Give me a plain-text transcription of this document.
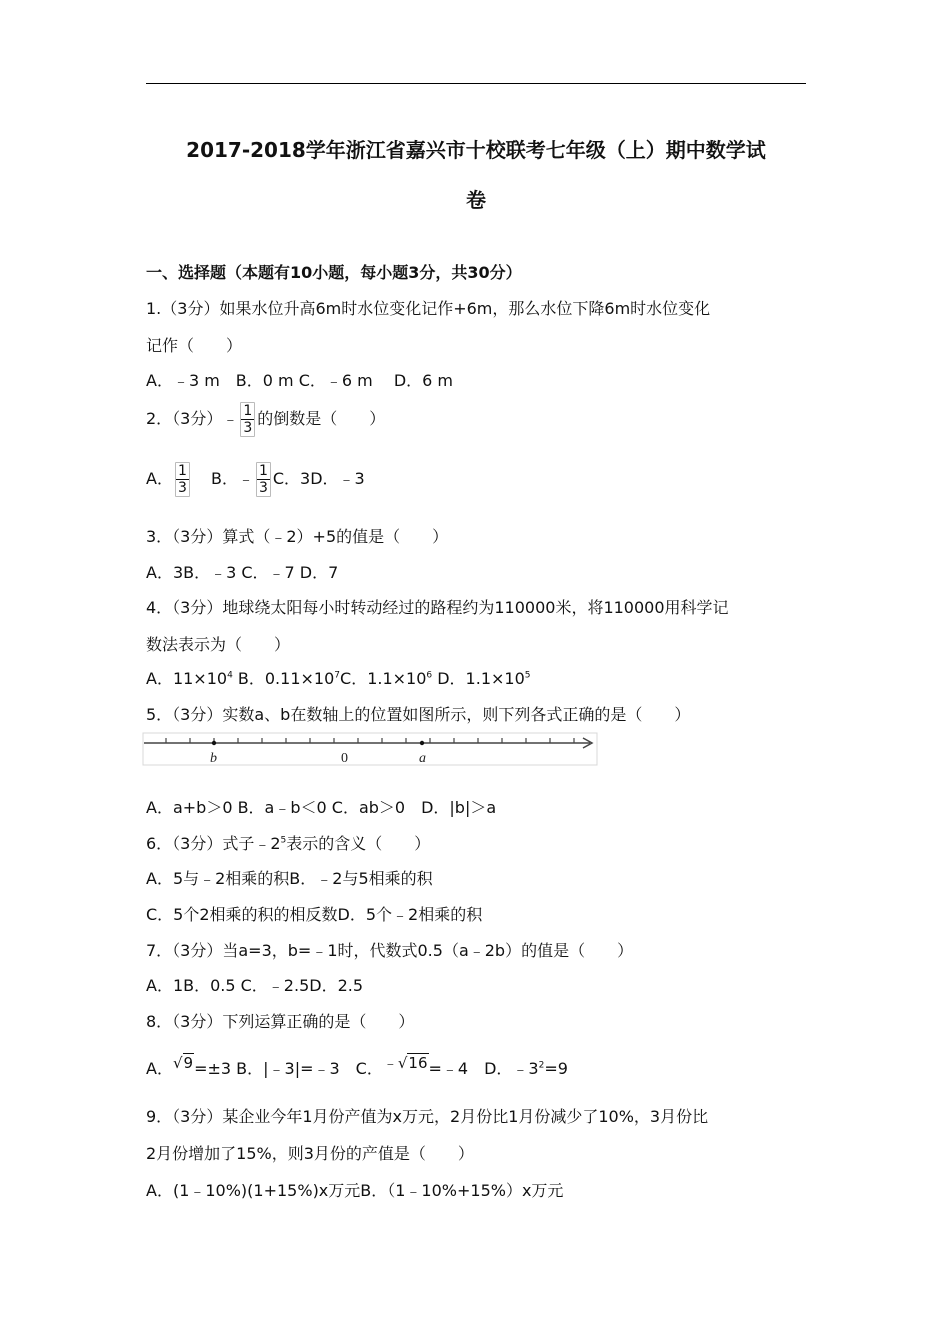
2017-2018学年浙江省嘉兴市十校联考七年级（上）期中数学试
卷
一、选择题（本题有10小题，每小题3分，共30分）
1.（3分）如果水位升高6m时水位变化记作+6m，那么水位下降6m时水位变化
记作（　　）
A．﹣3 m　B．0 m C．﹣6 m　 D．6 m
2．（3分）﹣ $\frac{1}{3}$ 的倒数是（　　）
A． $\frac{1}{3}$ B．﹣ $\frac{1}{3}$ C．3D．﹣3
3．（3分）算式（﹣2）+5的值是（　　）
A．3B．﹣3 C．﹣7 D．7
4．（3分）地球绕太阳每小时转动经过的路程约为110000米，将110000用科学记
数法表示为（　　）
A．$11\times 10^4$ B．$0.11\times 10^7C$．$1.1\times 10^6$ D．$1.1\times 10^5$
5．（3分）实数a、b在数轴上的位置如图所示，则下列各式正确的是（　　）
b	0	a
A．a+b＞0 B．a﹣b＜0 C．ab＞0　D．|b|＞a
6．（3分）式子$﹣2^5$表示的含义（　　）
A．5与﹣2相乘的积B．﹣2与5相乘的积
C．5个2相乘的积的相反数D．5个﹣2相乘的积
7．（3分）当a=3，b=﹣1时，代数式0.5（a﹣2b）的值是（　　）
A．1B．0.5 C．﹣2.5D．2.5
8．（3分）下列运算正确的是（　　）
A．√9=±3 B．|﹣3|=﹣3　C．﹣√16=﹣4　D．$﹣3^2=9$
9．（3分）某企业今年1月份产值为x万元，2月份比1月份减少了10%，3月份比
2月份增加了15%，则3月份的产值是（　　）
A．(1﹣10%)(1+15%)x万元B．（1﹣10%+15%）x万元
